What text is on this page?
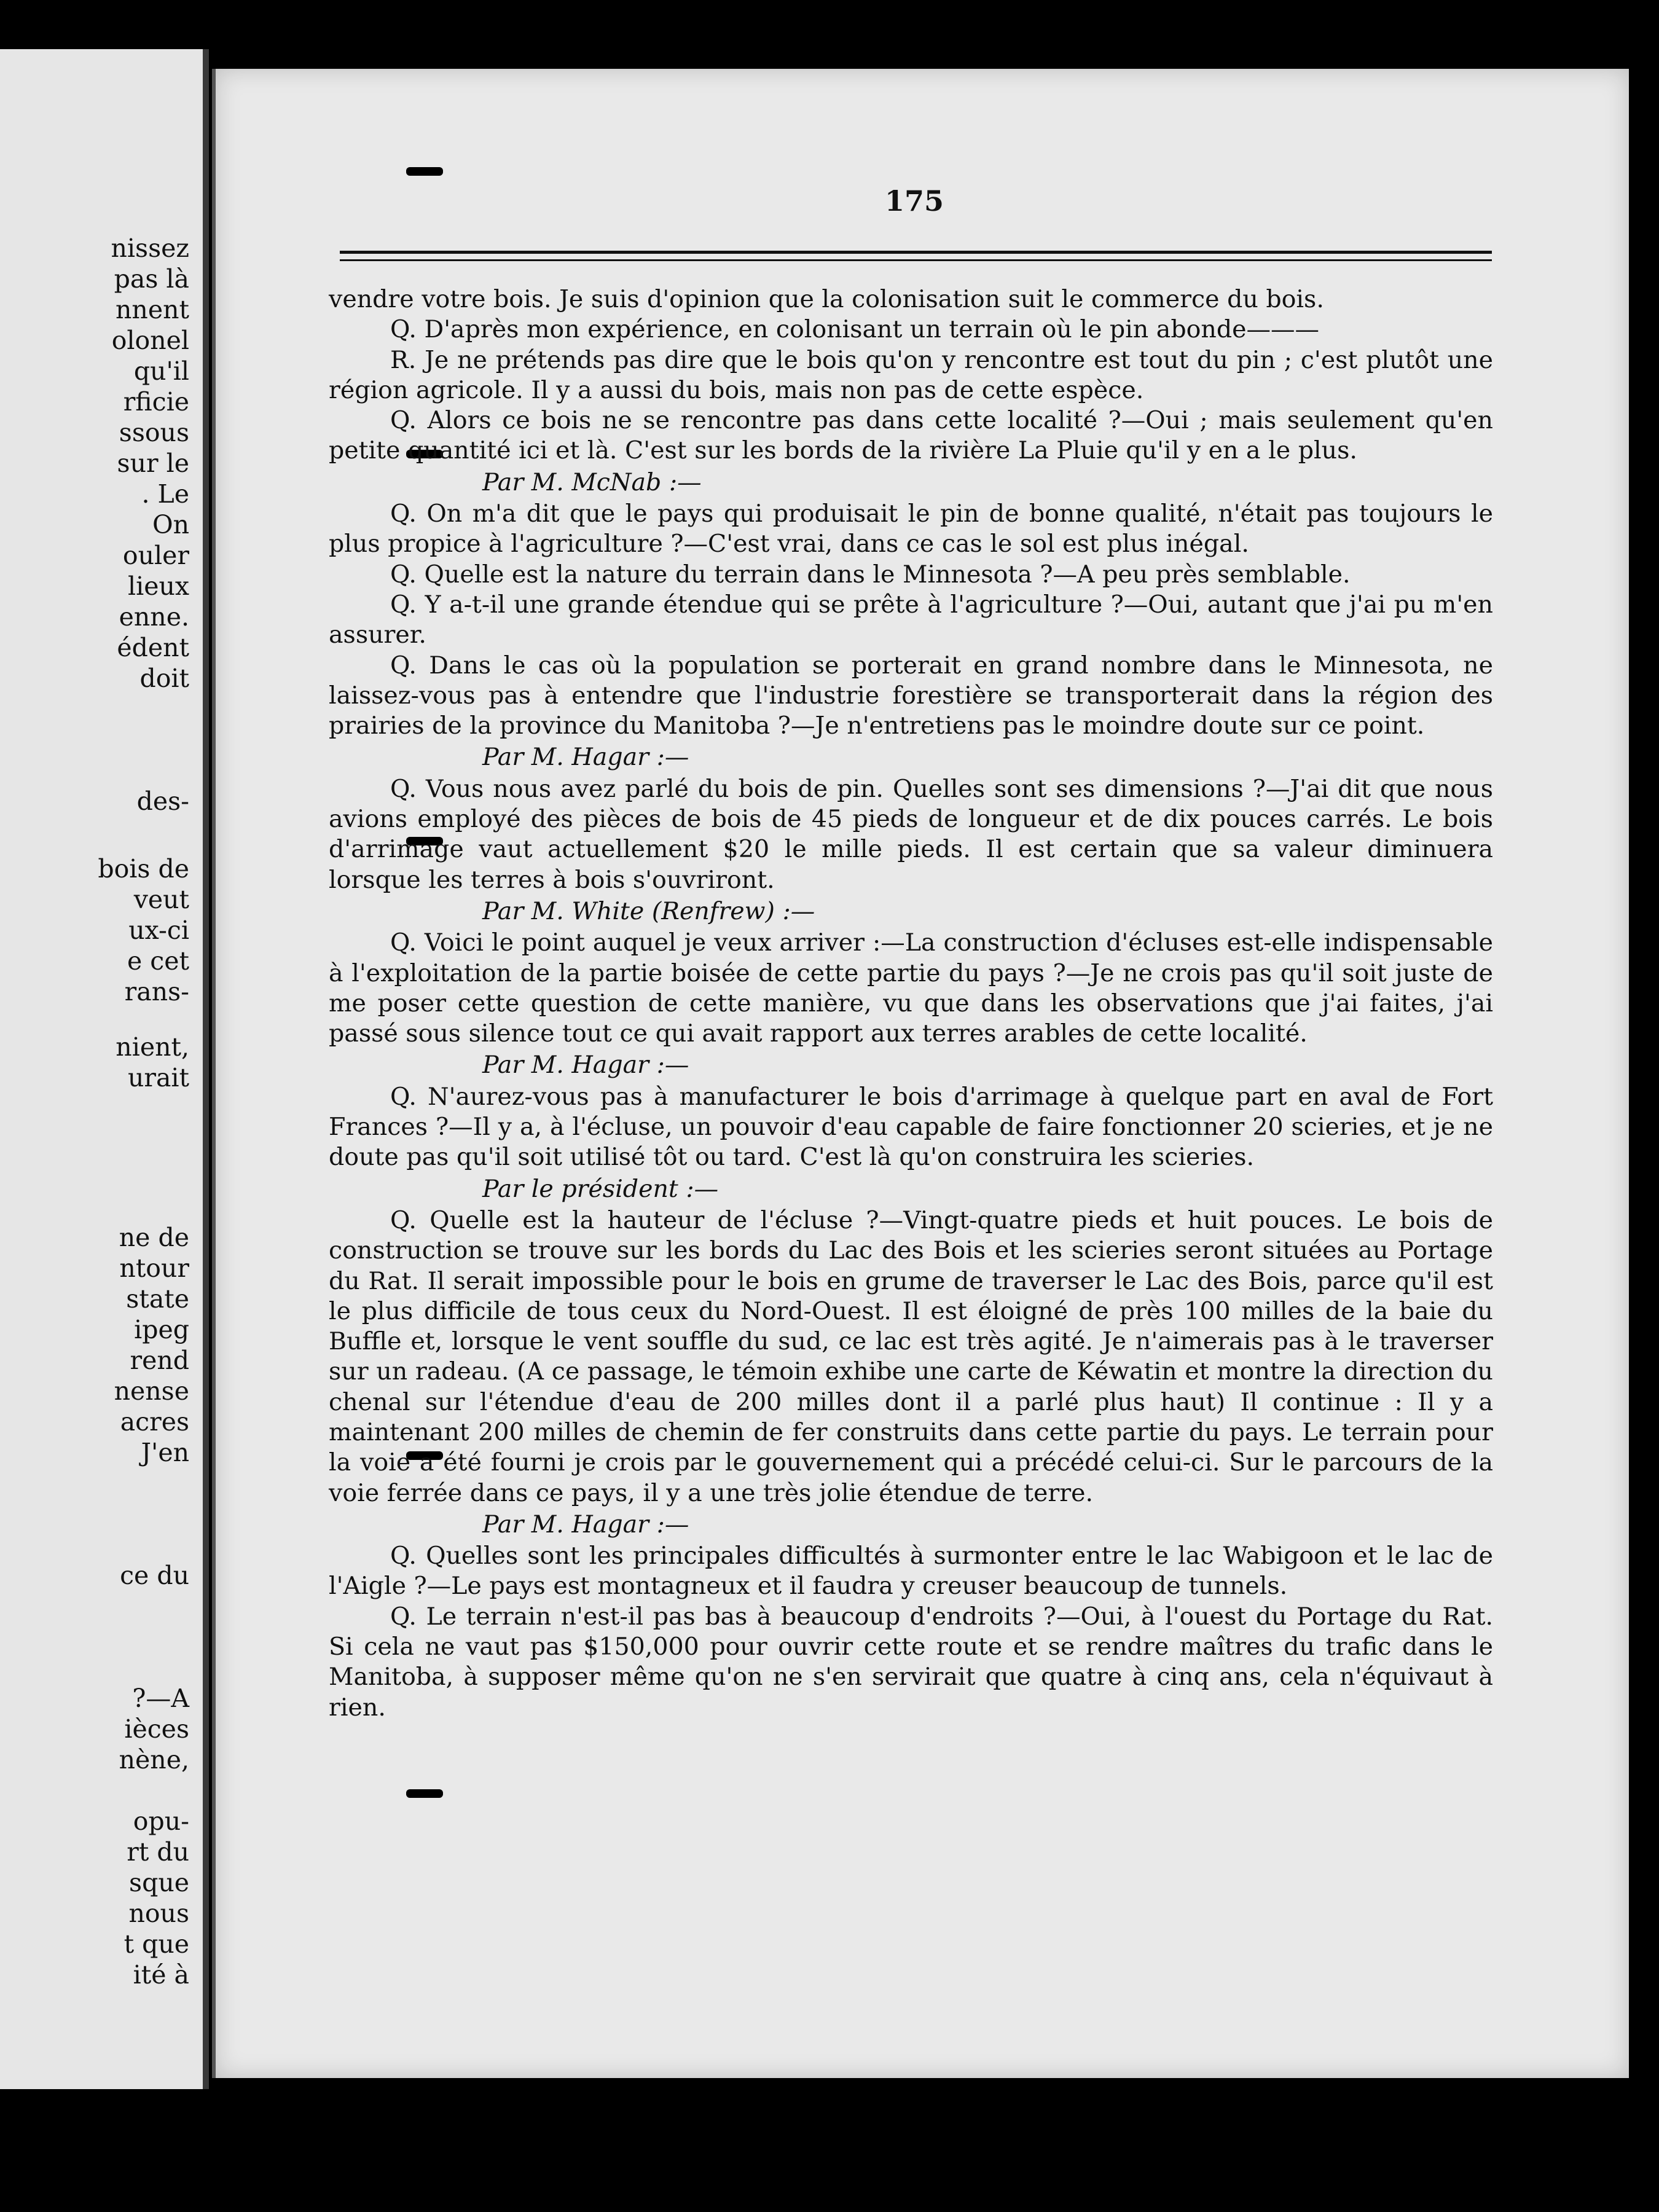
nissez
pas là
nnent
olonel
qu'il
rficie
ssous
sur le
. Le
On
ouler
lieux
enne.
édent
doit
des-
bois de
veut
ux-ci
e cet
rans-
nient,
urait
ne de
ntour
state
ipeg
rend
nense
acres
J'en
ce du
?—A
ièces
nène,
opu-
rt du
sque
nous
t que
ité à
175

vendre votre bois. Je suis d'opinion que la colonisation suit le commerce du bois.

Q. D'après mon expérience, en colonisant un terrain où le pin abonde———

R. Je ne prétends pas dire que le bois qu'on y rencontre est tout du pin ; c'est plutôt une région agricole. Il y a aussi du bois, mais non pas de cette espèce.

Q. Alors ce bois ne se rencontre pas dans cette localité ?—Oui ; mais seulement qu'en petite quantité ici et là. C'est sur les bords de la rivière La Pluie qu'il y en a le plus.

Par M. McNab :—

Q. On m'a dit que le pays qui produisait le pin de bonne qualité, n'était pas toujours le plus propice à l'agriculture ?—C'est vrai, dans ce cas le sol est plus inégal.

Q. Quelle est la nature du terrain dans le Minnesota ?—A peu près semblable.

Q. Y a-t-il une grande étendue qui se prête à l'agriculture ?—Oui, autant que j'ai pu m'en assurer.

Q. Dans le cas où la population se porterait en grand nombre dans le Minnesota, ne laissez-vous pas à entendre que l'industrie forestière se transporterait dans la région des prairies de la province du Manitoba ?—Je n'entretiens pas le moindre doute sur ce point.

Par M. Hagar :—

Q. Vous nous avez parlé du bois de pin. Quelles sont ses dimensions ?—J'ai dit que nous avions employé des pièces de bois de 45 pieds de longueur et de dix pouces carrés. Le bois d'arrimage vaut actuellement $20 le mille pieds. Il est certain que sa valeur diminuera lorsque les terres à bois s'ouvriront.

Par M. White (Renfrew) :—

Q. Voici le point auquel je veux arriver :—La construction d'écluses est-elle indispensable à l'exploitation de la partie boisée de cette partie du pays ?—Je ne crois pas qu'il soit juste de me poser cette question de cette manière, vu que dans les observations que j'ai faites, j'ai passé sous silence tout ce qui avait rapport aux terres arables de cette localité.

Par M. Hagar :—

Q. N'aurez-vous pas à manufacturer le bois d'arrimage à quelque part en aval de Fort Frances ?—Il y a, à l'écluse, un pouvoir d'eau capable de faire fonctionner 20 scieries, et je ne doute pas qu'il soit utilisé tôt ou tard. C'est là qu'on construira les scieries.

Par le président :—

Q. Quelle est la hauteur de l'écluse ?—Vingt-quatre pieds et huit pouces. Le bois de construction se trouve sur les bords du Lac des Bois et les scieries seront situées au Portage du Rat. Il serait impossible pour le bois en grume de traverser le Lac des Bois, parce qu'il est le plus difficile de tous ceux du Nord-Ouest. Il est éloigné de près 100 milles de la baie du Buffle et, lorsque le vent souffle du sud, ce lac est très agité. Je n'aimerais pas à le traverser sur un radeau. (A ce passage, le témoin exhibe une carte de Kéwatin et montre la direction du chenal sur l'étendue d'eau de 200 milles dont il a parlé plus haut) Il continue : Il y a maintenant 200 milles de chemin de fer construits dans cette partie du pays. Le terrain pour la voie a été fourni je crois par le gouvernement qui a précédé celui-ci. Sur le parcours de la voie ferrée dans ce pays, il y a une très jolie étendue de terre.

Par M. Hagar :—

Q. Quelles sont les principales difficultés à surmonter entre le lac Wabigoon et le lac de l'Aigle ?—Le pays est montagneux et il faudra y creuser beaucoup de tunnels.

Q. Le terrain n'est-il pas bas à beaucoup d'endroits ?—Oui, à l'ouest du Portage du Rat. Si cela ne vaut pas $150,000 pour ouvrir cette route et se rendre maîtres du trafic dans le Manitoba, à supposer même qu'on ne s'en servirait que quatre à cinq ans, cela n'équivaut à rien.
